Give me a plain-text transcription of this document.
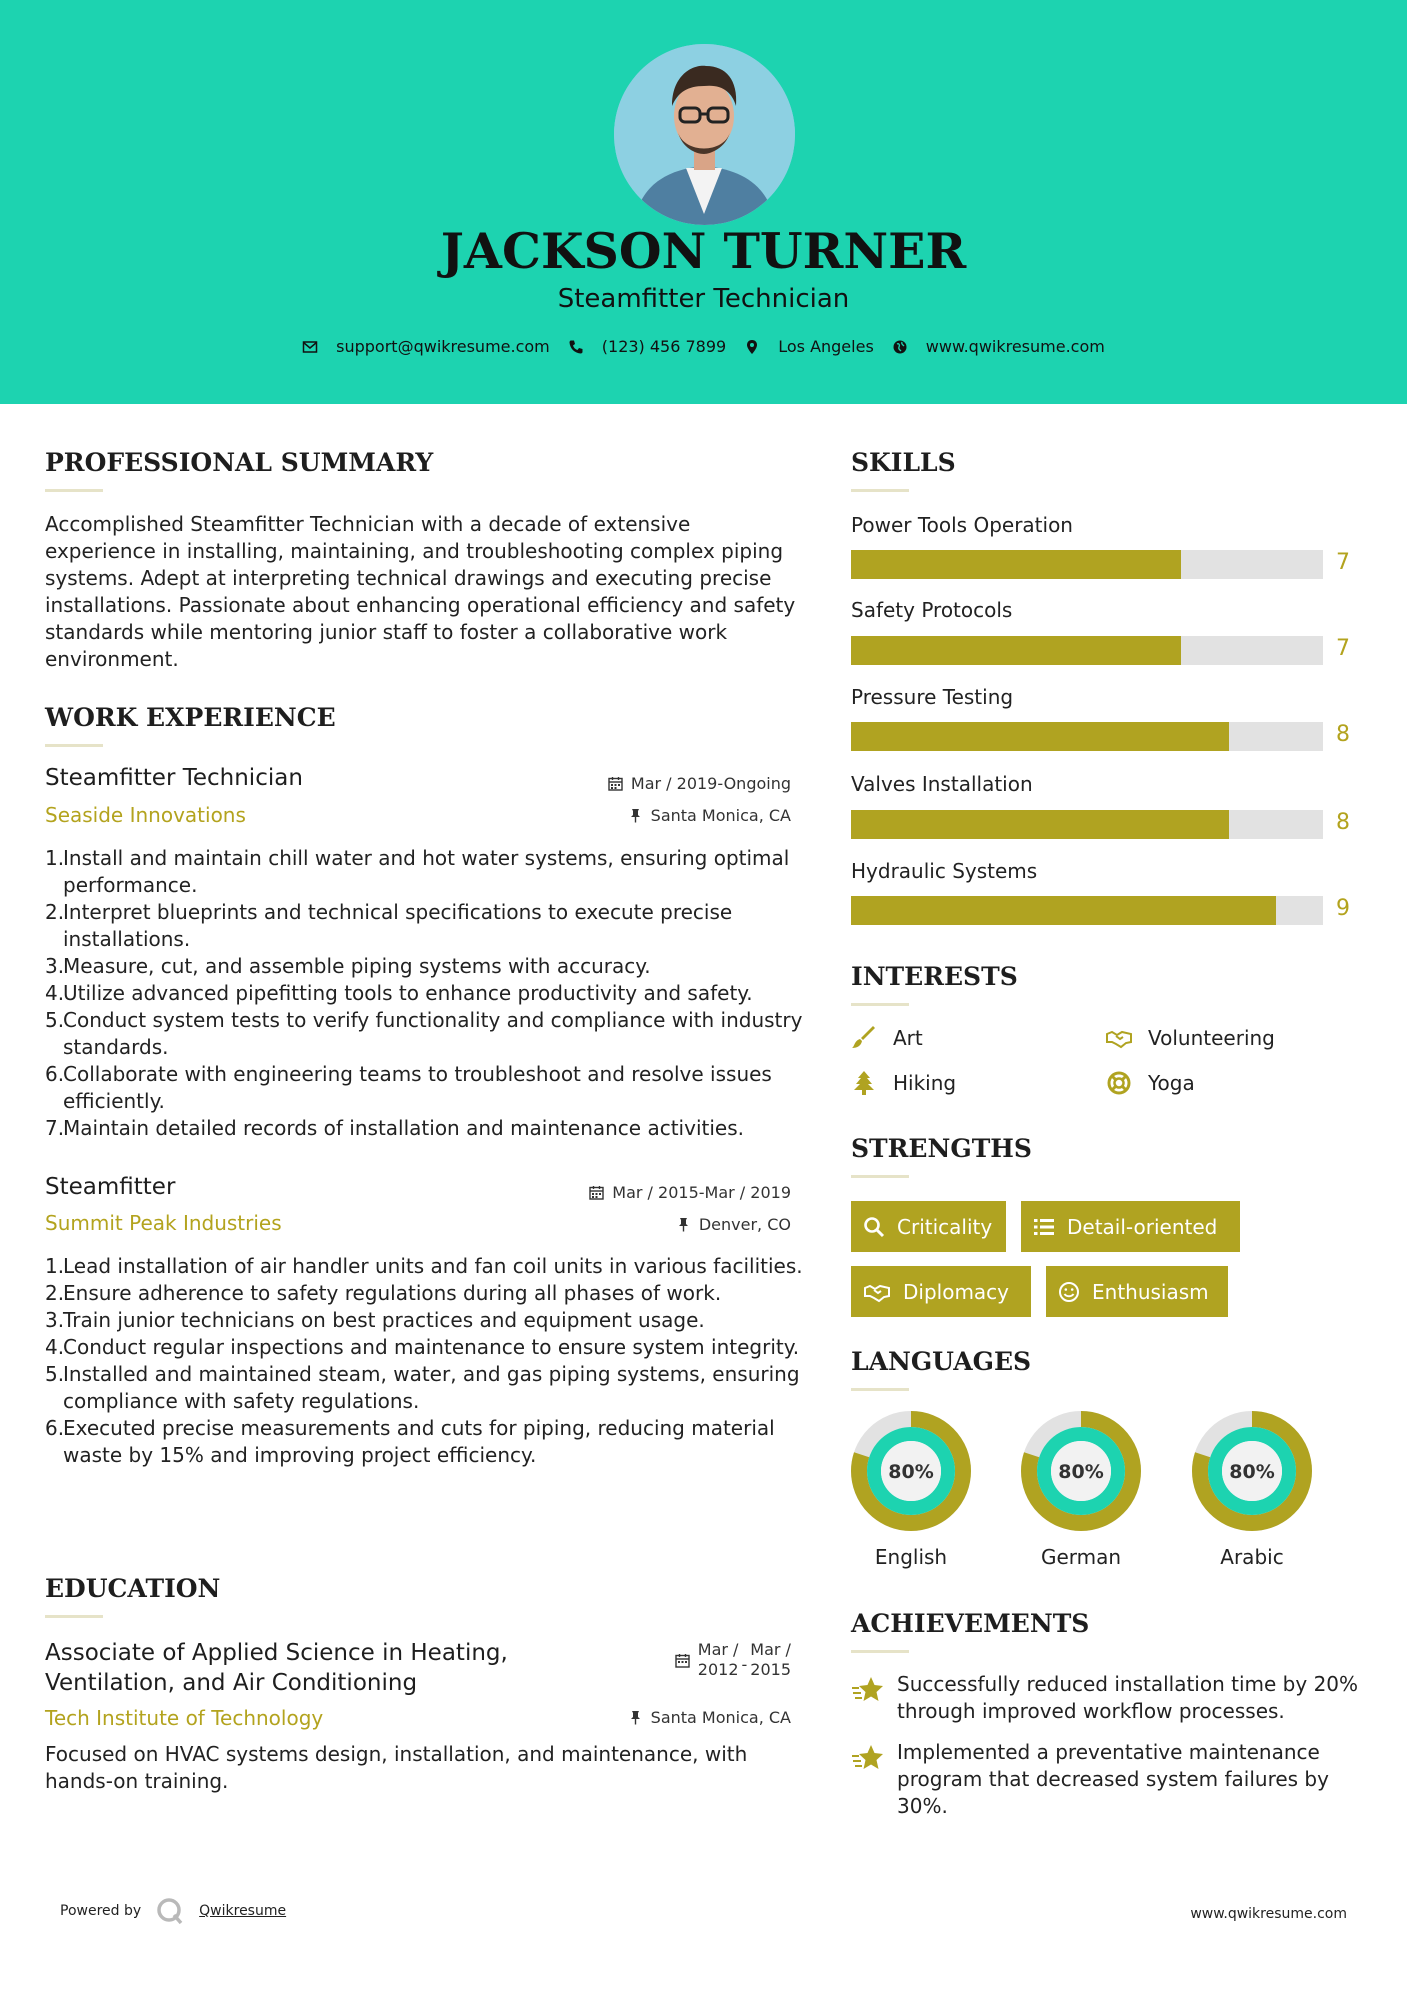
JACKSON TURNER
Steamfitter Technician
support@qwikresume.com	(123) 456 7899	Los Angeles	www.qwikresume.com
PROFESSIONAL SUMMARY
Accomplished Steamfitter Technician with a decade of extensive experience in installing, maintaining, and troubleshooting complex piping systems. Adept at interpreting technical drawings and executing precise installations. Passionate about enhancing operational efficiency and safety standards while mentoring junior staff to foster a collaborative work environment.
WORK EXPERIENCE
Steamfitter Technician	Mar / 2019-Ongoing
Seaside Innovations	Santa Monica, CA
1.
Install and maintain chill water and hot water systems, ensuring optimal performance.
2.
Interpret blueprints and technical specifications to execute precise installations.
3.
Measure, cut, and assemble piping systems with accuracy.
4.
Utilize advanced pipefitting tools to enhance productivity and safety.
5.
Conduct system tests to verify functionality and compliance with industry standards.
6.
Collaborate with engineering teams to troubleshoot and resolve issues efficiently.
7.
Maintain detailed records of installation and maintenance activities.
Steamfitter	Mar / 2015-Mar / 2019
Summit Peak Industries	Denver, CO
1.
Lead installation of air handler units and fan coil units in various facilities.
2.
Ensure adherence to safety regulations during all phases of work.
3.
Train junior technicians on best practices and equipment usage.
4.
Conduct regular inspections and maintenance to ensure system integrity.
5.
Installed and maintained steam, water, and gas piping systems, ensuring compliance with safety regulations.
6.
Executed precise measurements and cuts for piping, reducing material waste by 15% and improving project efficiency.
EDUCATION
Associate of Applied Science in Heating,
Ventilation, and Air Conditioning
Mar /
2012 -
Mar /
2015
Tech Institute of Technology	Santa Monica, CA
Focused on HVAC systems design, installation, and maintenance, with hands-on training.
SKILLS
Power Tools Operation
7
Safety Protocols
7
Pressure Testing
8
Valves Installation
8
Hydraulic Systems
9
INTERESTS
Art	Volunteering
Hiking	Yoga
STRENGTHS
Criticality	Detail-oriented
Diplomacy	Enthusiasm
LANGUAGES
80%
English
80%
German
80%
Arabic
ACHIEVEMENTS
Successfully reduced installation time by 20% through improved workflow processes.
Implemented a preventative maintenance program that decreased system failures by 30%.
Powered by	Qwikresume	www.qwikresume.com
